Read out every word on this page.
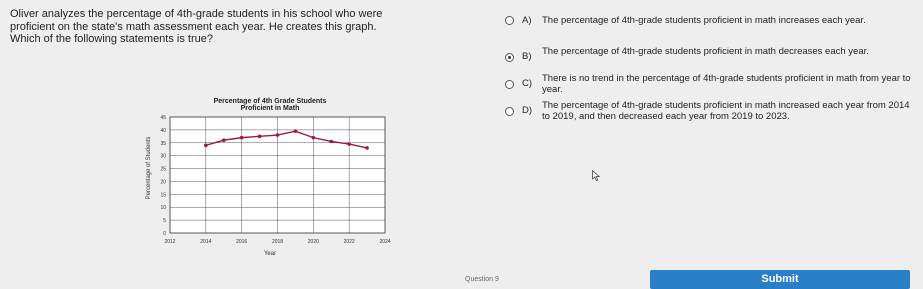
Oliver analyzes the percentage of 4th-grade students in his school who were
proficient on the state's math assessment each year. He creates this graph.
Which of the following statements is true?
Percentage of 4th Grade Students
Proficient in Math
Percentage of Students
Year
0
5
10
15
20
25
30
35
40
45
2012	2014	2016	2018	2020	2022	2024
A) The percentage of 4th-grade students proficient in math increases each year.
B) The percentage of 4th-grade students proficient in math decreases each year.
C) There is no trend in the percentage of 4th-grade students proficient in math from year to year.
D) The percentage of 4th-grade students proficient in math increased each year from 2014 to 2019, and then decreased each year from 2019 to 2023.
Question 9	Submit
